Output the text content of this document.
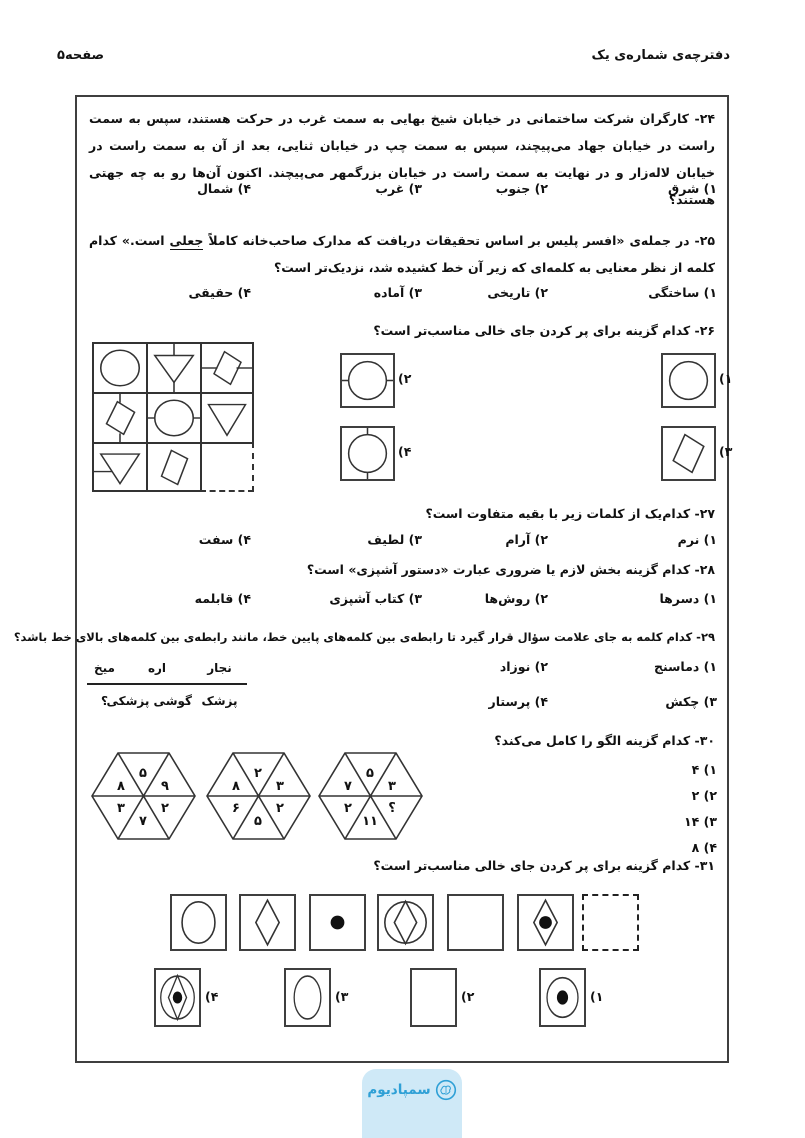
دفترچه‌ی شماره‌ی یک
صفحه۵

۲۴- کارگران شرکت ساختمانی در خیابان شیخ بهایی به سمت غرب در حرکت هستند، سپس به سمت راست در خیابان جهاد می‌پیچند، سپس به سمت چپ در خیابان ثنایی، بعد از آن به سمت راست در خیابان لاله‌زار و در نهایت به سمت راست در خیابان بزرگمهر می‌پیچند. اکنون آن‌ها رو به چه جهتی هستند؟

۱) شرق
۲) جنوب
۳) غرب
۴) شمال

۲۵- در جمله‌ی «افسر پلیس بر اساس تحقیقات دریافت که مدارک صاحب‌خانه کاملاً جعلی است.» کدام کلمه از نظر معنایی به کلمه‌ای که زیر آن خط کشیده شد، نزدیک‌تر است؟

۱) ساختگی
۲) تاریخی
۳) آماده
۴) حقیقی

۲۶- کدام گزینه برای پر کردن جای خالی مناسب‌تر است؟

۱)
۲)
۳)
۴)

۲۷- کدام‌یک از کلمات زیر با بقیه متفاوت است؟

۱) نرم
۲) آرام
۳) لطیف
۴) سفت

۲۸- کدام گزینه بخش لازم یا ضروری عبارت «دستور آشپزی» است؟

۱) دسرها
۲) روش‌ها
۳) کتاب آشپزی
۴) قابلمه

۲۹- کدام کلمه به جای علامت سؤال قرار گیرد تا رابطه‌ی بین کلمه‌های پایین خط، مانند رابطه‌ی بین کلمه‌های بالای خط باشد؟

۱) دماسنج
۲) نوزاد
۳) چکش
۴) پرستار
نجار
اره
میخ
پزشک
گوشی پزشکی
؟

۳۰- کدام گزینه الگو را کامل می‌کند؟

۱) ۴
۲) ۲
۳) ۱۴
۴) ۸
۵
۹
۲
۷
۳
۸
۲
۳
۲
۵
۶
۸
۵
۳
؟
۱۱
۲
۷

۳۱- کدام گزینه برای پر کردن جای خالی مناسب‌تر است؟

۱)
۲)
۳)
۴)
سمپادیوم
